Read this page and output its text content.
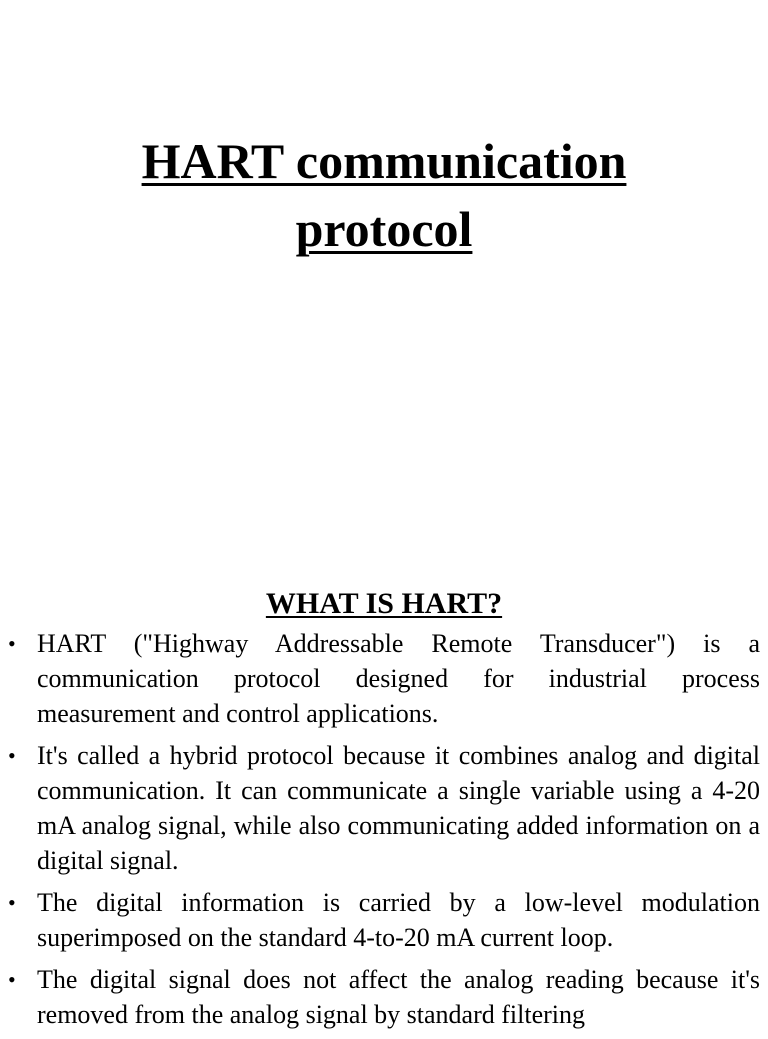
HART communication
protocol
WHAT IS HART?
• HART ("Highway Addressable Remote Transducer") is a communication protocol designed for industrial process measurement and control applications.
• It's called a hybrid protocol because it combines analog and digital communication. It can communicate a single variable using a 4-20 mA analog signal, while also communicating added information on a digital signal.
• The digital information is carried by a low-level modulation superimposed on the standard 4-to-20 mA current loop.
• The digital signal does not affect the analog reading because it's removed from the analog signal by standard filtering
